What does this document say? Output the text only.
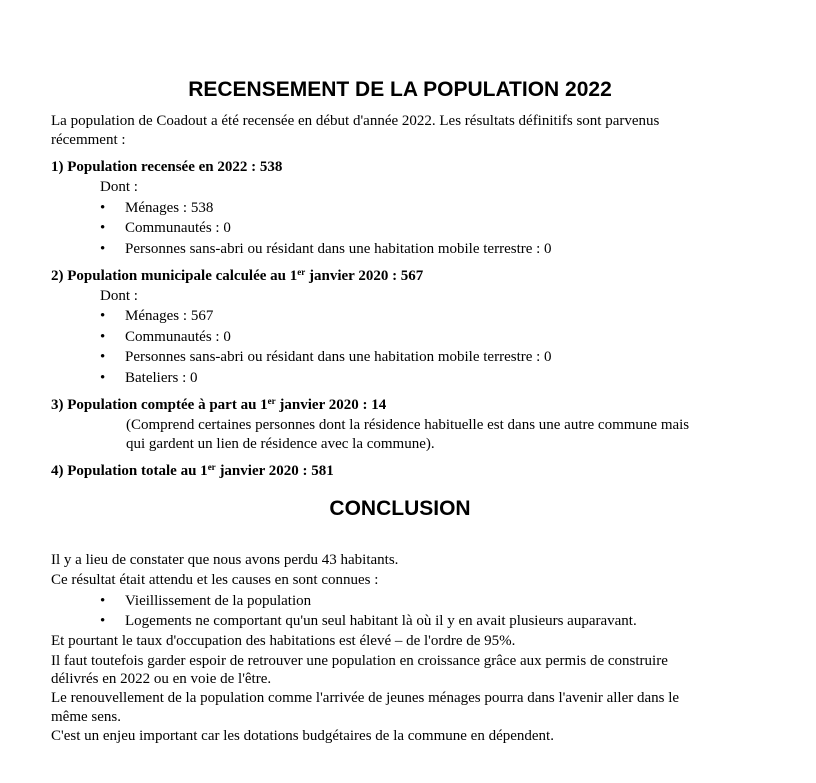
RECENSEMENT DE LA POPULATION 2022
La population de Coadout a été recensée en début d'année 2022. Les résultats définitifs sont parvenus
récemment :
1) Population recensée en 2022 : 538
Dont :
• Ménages : 538
• Communautés : 0
• Personnes sans-abri ou résidant dans une habitation mobile terrestre : 0
2) Population municipale calculée au 1er janvier 2020 : 567
Dont :
• Ménages : 567
• Communautés : 0
• Personnes sans-abri ou résidant dans une habitation mobile terrestre : 0
• Bateliers : 0
3) Population comptée à part au 1er janvier 2020 : 14
(Comprend certaines personnes dont la résidence habituelle est dans une autre commune mais
qui gardent un lien de résidence avec la commune).
4) Population totale au 1er janvier 2020 : 581
CONCLUSION
Il y a lieu de constater que nous avons perdu 43 habitants.
Ce résultat était attendu et les causes en sont connues :
• Vieillissement de la population
• Logements ne comportant qu'un seul habitant là où il y en avait plusieurs auparavant.
Et pourtant le taux d'occupation des habitations est élevé – de l'ordre de 95%.
Il faut toutefois garder espoir de retrouver une population en croissance grâce aux permis de construire
délivrés en 2022 ou en voie de l'être.
Le renouvellement de la population comme l'arrivée de jeunes ménages pourra dans l'avenir aller dans le
même sens.
C'est un enjeu important car les dotations budgétaires de la commune en dépendent.
